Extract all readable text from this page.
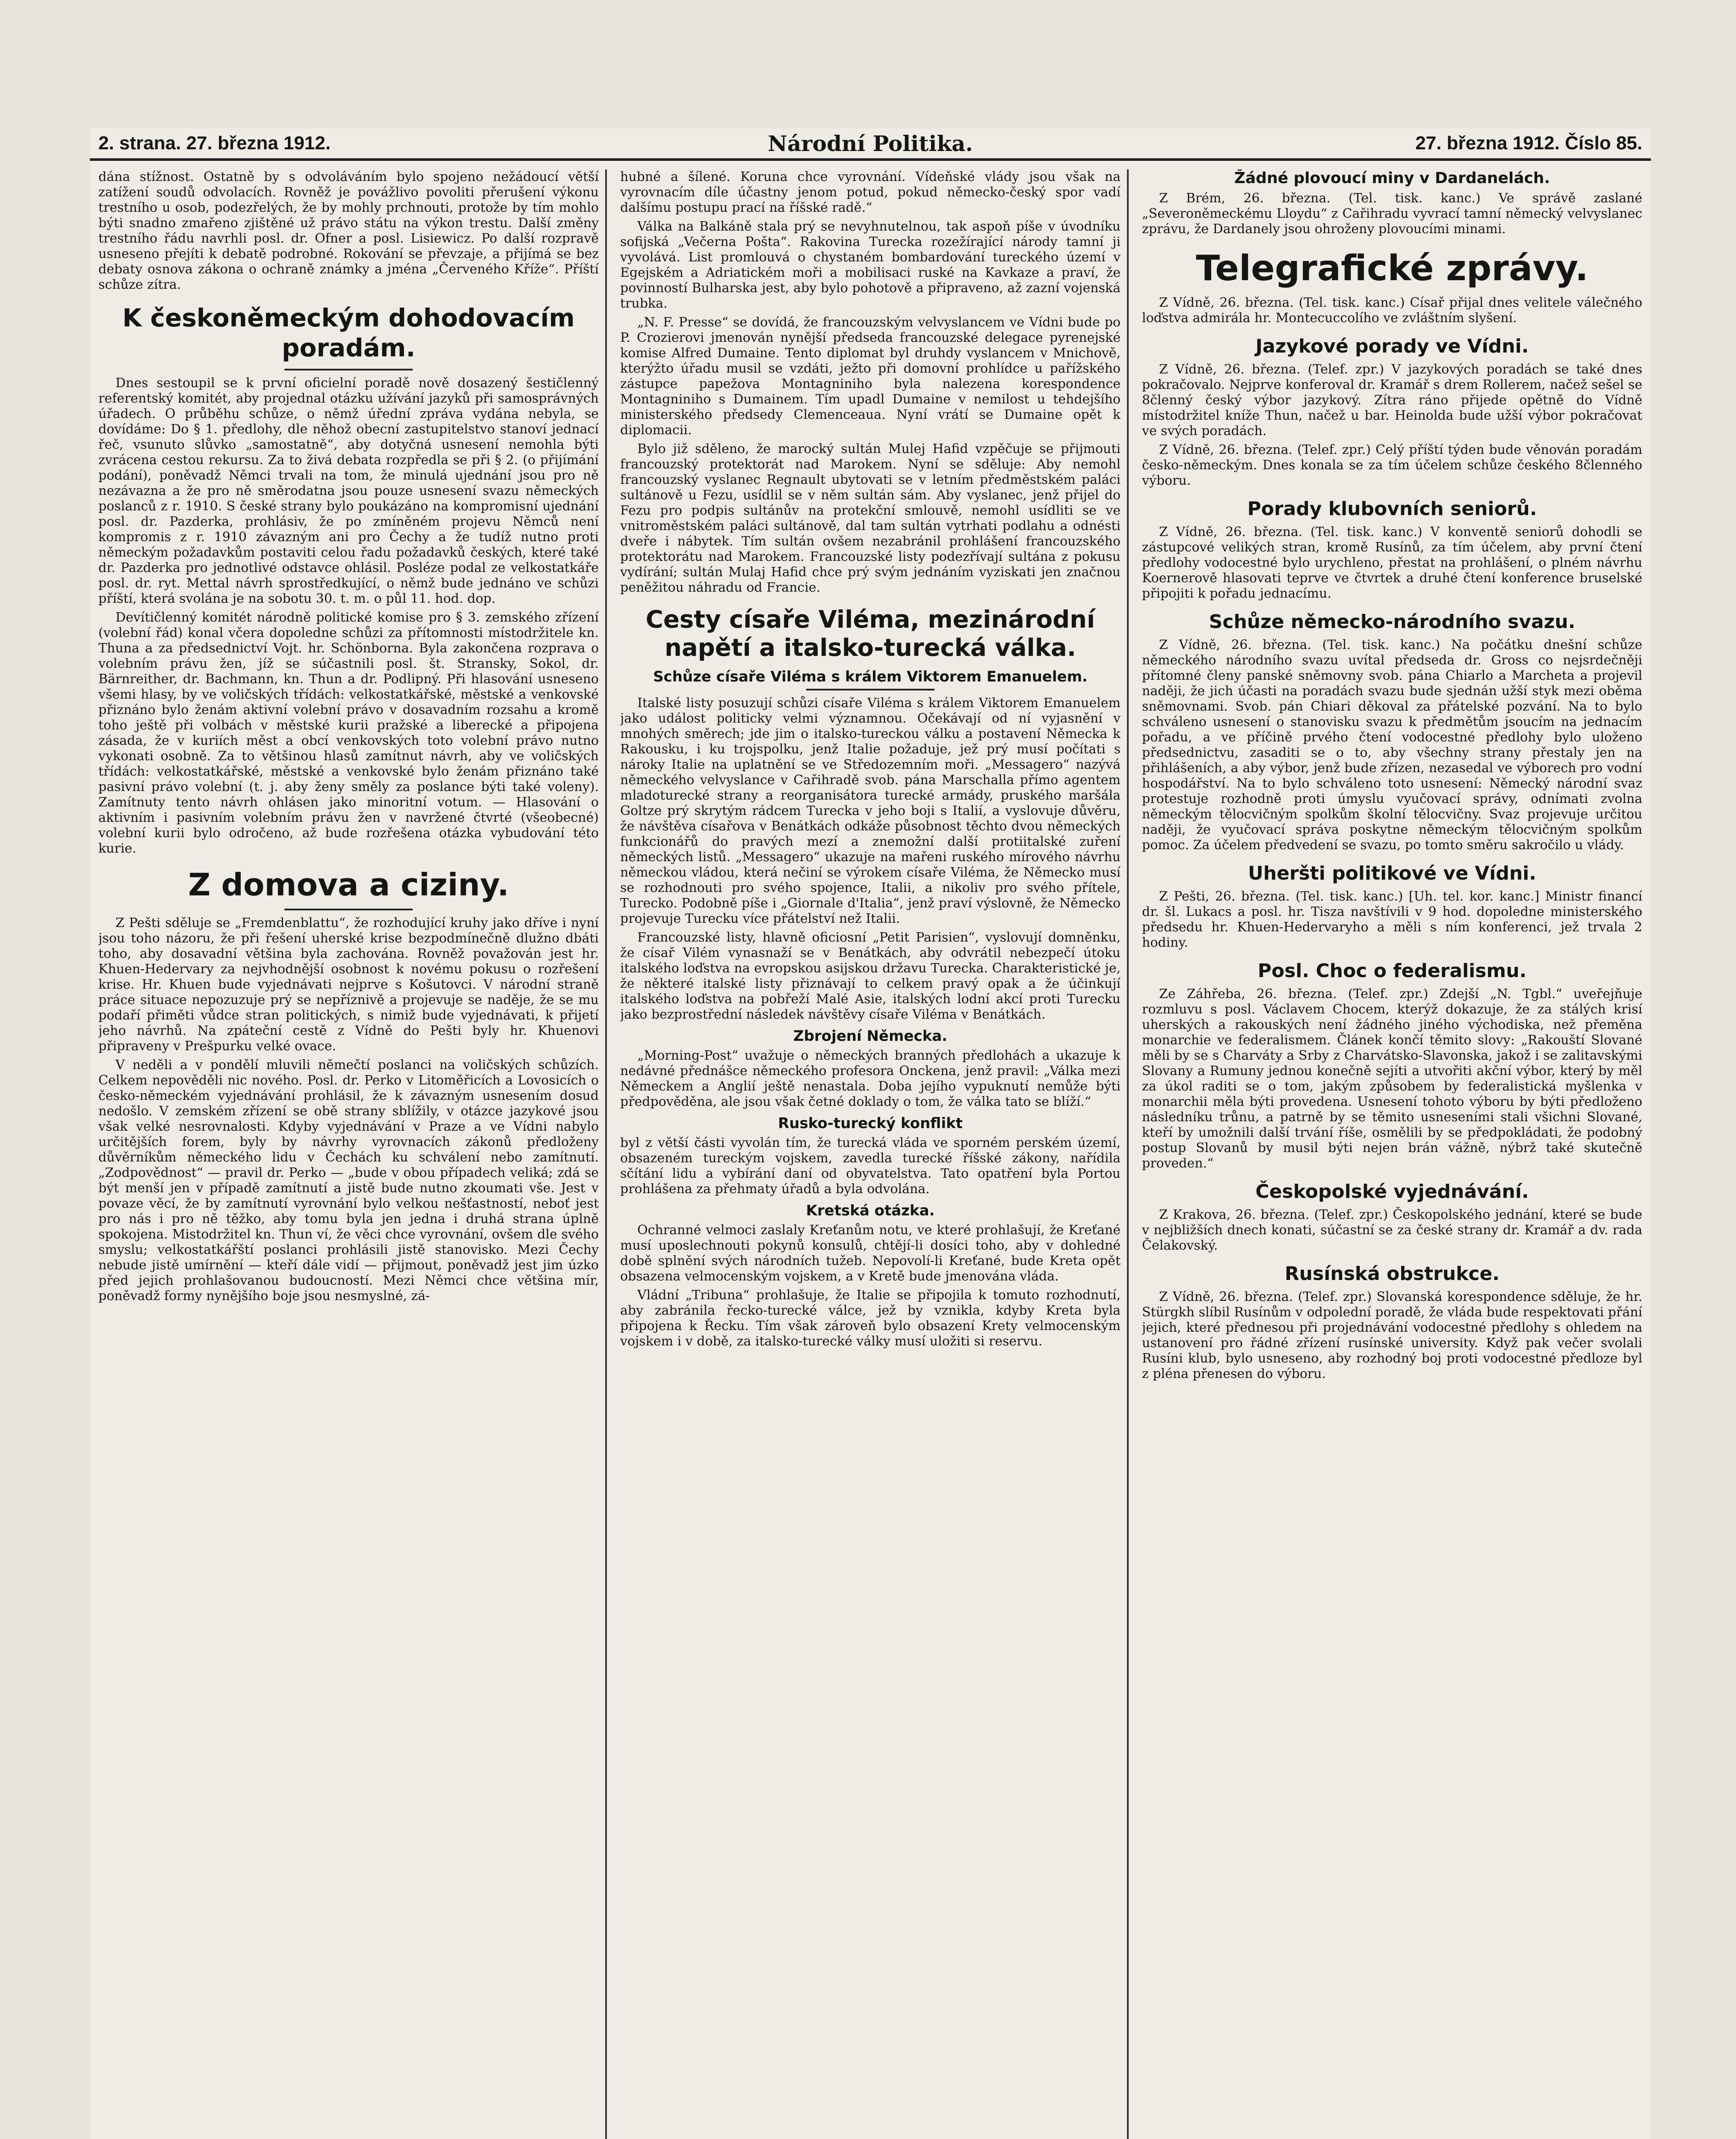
2. strana. 27. března 1912.	Národní Politika.	27. března 1912. Číslo 85.

dána stížnost. Ostatně by s odvoláváním bylo spojeno nežádoucí větší zatížení soudů odvolacích. Rovněž je povážlivo povoliti přerušení výkonu trestního u osob, podezřelých, že by mohly prchnouti, protože by tím mohlo býti snadno zmařeno zjištěné už právo státu na výkon trestu. Další změny trestního řádu navrhli posl. dr. Ofner a posl. Lisiewicz. Po další rozpravě usneseno přejíti k debatě podrobné. Rokování se převzaje, a přijímá se bez debaty osnova zákona o ochraně známky a jména „Červeného Kříže“. Příští schůze zítra.

K českoněmeckým dohodovacím poradám.

Dnes sestoupil se k první oficielní poradě nově dosazený šestičlenný referentský komitét, aby projednal otázku užívání jazyků při samosprávných úřadech. O průběhu schůze, o němž úřední zpráva vydána nebyla, se dovídáme: Do § 1. předlohy, dle něhož obecní zastupitelstvo stanoví jednací řeč, vsunuto slůvko „samostatně“, aby dotyčná usnesení nemohla býti zvrácena cestou rekursu. Za to živá debata rozpředla se při § 2. (o přijímání podání), poněvadž Němci trvali na tom, že minulá ujednání jsou pro ně nezávazna a že pro ně směrodatna jsou pouze usnesení svazu německých poslanců z r. 1910. S české strany bylo poukázáno na kompromisní ujednání posl. dr. Pazderka, prohlásiv, že po zmíněném projevu Němců není kompromis z r. 1910 závazným ani pro Čechy a že tudíž nutno proti německým požadavkům postaviti celou řadu požadavků českých, které také dr. Pazderka pro jednotlivé odstavce ohlásil. Posléze podal ze velkostatkáře posl. dr. ryt. Mettal návrh sprostředkující, o němž bude jednáno ve schůzi příští, která svolána je na sobotu 30. t. m. o půl 11. hod. dop.

Devítičlenný komitét národně politické komise pro § 3. zemského zřízení (volební řád) konal včera dopoledne schůzi za přítomnosti místodržitele kn. Thuna a za předsednictví Vojt. hr. Schönborna. Byla zakončena rozprava o volebním právu žen, jíž se súčastnili posl. št. Stransky, Sokol, dr. Bärnreither, dr. Bachmann, kn. Thun a dr. Podlipný. Při hlasování usneseno všemi hlasy, by ve voličských třídách: velkostatkářské, městské a venkovské přiznáno bylo ženám aktivní volební právo v dosavadním rozsahu a kromě toho ještě při volbách v městské kurii pražské a liberecké a připojena zásada, že v kuriích měst a obcí venkovských toto volební právo nutno vykonati osobně. Za to většinou hlasů zamítnut návrh, aby ve voličských třídách: velkostatkářské, městské a venkovské bylo ženám přiznáno také pasivní právo volební (t. j. aby ženy směly za poslance býti také voleny). Zamítnuty tento návrh ohlásen jako minoritní votum. — Hlasování o aktivním i pasivním volebním právu žen v navržené čtvrté (všeobecné) volební kurii bylo odročeno, až bude rozřešena otázka vybudování této kurie.

Z domova a ciziny.

Z Pešti sděluje se „Fremdenblattu“, že rozhodující kruhy jako dříve i nyní jsou toho názoru, že při řešení uherské krise bezpodmínečně dlužno dbáti toho, aby dosavadní většina byla zachována. Rovněž považován jest hr. Khuen-Hedervary za nejvhodnější osobnost k novému pokusu o rozřešení krise. Hr. Khuen bude vyjednávati nejprve s Košutovci. V národní straně práce situace nepozuzuje prý se nepříznivě a projevuje se naděje, že se mu podaří přiměti vůdce stran politických, s nimiž bude vyjednávati, k přijetí jeho návrhů. Na zpáteční cestě z Vídně do Pešti byly hr. Khuenovi připraveny v Prešpurku velké ovace.

V neděli a v pondělí mluvili němečtí poslanci na voličských schůzích. Celkem nepověděli nic nového. Posl. dr. Perko v Litoměřicích a Lovosicích o česko-německém vyjednávání prohlásil, že k závazným usnesením dosud nedošlo. V zemském zřízení se obě strany sblížily, v otázce jazykové jsou však velké nesrovnalosti. Kdyby vyjednávání v Praze a ve Vídni nabylo určitějších forem, byly by návrhy vyrovnacích zákonů předloženy důvěrníkům německého lidu v Čechách ku schválení nebo zamítnutí. „Zodpovědnost“ — pravil dr. Perko — „bude v obou případech veliká; zdá se být menší jen v případě zamítnutí a jistě bude nutno zkoumati vše. Jest v povaze věcí, že by zamítnutí vyrovnání bylo velkou nešťastností, neboť jest pro nás i pro ně těžko, aby tomu byla jen jedna i druhá strana úplně spokojena. Mistodržitel kn. Thun ví, že věci chce vyrovnání, ovšem dle svého smyslu; velkostatkářští poslanci prohlásili jistě stanovisko. Mezi Čechy nebude jistě umírnění — kteří dále vidí — přijmout, poněvadž jest jim úzko před jejich prohlašovanou budoucností. Mezi Němci chce většina mír, poněvadž formy nynějšího boje jsou nesmyslné, zá-

hubné a šílené. Koruna chce vyrovnání. Vídeňské vlády jsou však na vyrovnacím díle účastny jenom potud, pokud německo-český spor vadí dalšímu postupu prací na říšské radě.“

Válka na Balkáně stala prý se nevyhnutelnou, tak aspoň píše v úvodníku sofijská „Večerna Pošta“. Rakovina Turecka rozežírající národy tamní ji vyvolává. List promlouvá o chystaném bombardování tureckého území v Egejském a Adriatickém moři a mobilisaci ruské na Kavkaze a praví, že povinností Bulharska jest, aby bylo pohotově a připraveno, až zazní vojenská trubka.

„N. F. Presse“ se dovídá, že francouzským velvyslancem ve Vídni bude po P. Crozierovi jmenován nynější předseda francouzské delegace pyrenejské komise Alfred Dumaine. Tento diplomat byl druhdy vyslancem v Mnichově, kterýžto úřadu musil se vzdáti, ježto při domovní prohlídce u pařížského zástupce papežova Montagniniho byla nalezena korespondence Montagniniho s Dumainem. Tím upadl Dumaine v nemilost u tehdejšího ministerského předsedy Clemenceaua. Nyní vrátí se Dumaine opět k diplomacii.

Bylo již sděleno, že marocký sultán Mulej Hafid vzpěčuje se přijmouti francouzský protektorát nad Marokem. Nyní se sděluje: Aby nemohl francouzský vyslanec Regnault ubytovati se v letním předměstském paláci sultánově u Fezu, usídlil se v něm sultán sám. Aby vyslanec, jenž přijel do Fezu pro podpis sultánův na protekční smlouvě, nemohl usídliti se ve vnitroměstském paláci sultánově, dal tam sultán vytrhati podlahu a odnésti dveře i nábytek. Tím sultán ovšem nezabránil prohlášení francouzského protektorátu nad Marokem. Francouzské listy podezřívají sultána z pokusu vydírání; sultán Mulaj Hafid chce prý svým jednáním vyziskati jen značnou peněžitou náhradu od Francie.

Cesty císaře Viléma, mezinárodní napětí a italsko-turecká válka.
Schůze císaře Viléma s králem Viktorem Emanuelem.

Italské listy posuzují schůzi císaře Viléma s králem Viktorem Emanuelem jako událost politicky velmi významnou. Očekávají od ní vyjasnění v mnohých směrech; jde jim o italsko-tureckou válku a postavení Německa k Rakousku, i ku trojspolku, jenž Italie požaduje, jež prý musí počítati s nároky Italie na uplatnění se ve Středozemním moři. „Messagero“ nazývá německého velvyslance v Cařihradě svob. pána Marschalla přímo agentem mladoturecké strany a reorganisátora turecké armády, pruského maršála Goltze prý skrytým rádcem Turecka v jeho boji s Italií, a vyslovuje důvěru, že návštěva císařova v Benátkách odkáže působnost těchto dvou německých funkcionářů do pravých mezí a znemožní další protiitalské zuření německých listů. „Messagero“ ukazuje na mařeni ruského mírového návrhu německou vládou, která nečiní se výrokem císaře Viléma, že Německo musí se rozhodnouti pro svého spojence, Italii, a nikoliv pro svého přítele, Turecko. Podobně píše i „Giornale d'Italia“, jenž praví výslovně, že Německo projevuje Turecku více přátelství než Italii.

Francouzské listy, hlavně oficiosní „Petit Parisien“, vyslovují domněnku, že císař Vilém vynasnaží se v Benátkách, aby odvrátil nebezpečí útoku italského loďstva na evropskou asijskou državu Turecka. Charakteristické je, že některé italské listy přiznávají to celkem pravý opak a že účinkují italského loďstva na pobřeží Malé Asie, italských lodní akcí proti Turecku jako bezprostřední následek návštěvy císaře Viléma v Benátkách.

Zbrojení Německa.

„Morning-Post“ uvažuje o německých branných předlohách a ukazuje k nedávné přednášce německého profesora Onckena, jenž pravil: „Válka mezi Německem a Anglií ještě nenastala. Doba jejího vypuknutí nemůže býti předpověděna, ale jsou však četné doklady o tom, že válka tato se blíží.“

Rusko-turecký konflikt

byl z větší části vyvolán tím, že turecká vláda ve sporném perském území, obsazeném tureckým vojskem, zavedla turecké říšské zákony, nařídila sčítání lidu a vybírání daní od obyvatelstva. Tato opatření byla Portou prohlášena za přehmaty úřadů a byla odvolána.

Kretská otázka.

Ochranné velmoci zaslaly Kreťanům notu, ve které prohlašují, že Kreťané musí uposlechnouti pokynů konsulů, chtějí-li dosíci toho, aby v dohledné době splnění svých národních tužeb. Nepovolí-li Kreťané, bude Kreta opět obsazena velmocenským vojskem, a v Kretě bude jmenována vláda.

Vládní „Tribuna“ prohlašuje, že Italie se připojila k tomuto rozhodnutí, aby zabránila řecko-turecké válce, jež by vznikla, kdyby Kreta byla připojena k Řecku. Tím však zároveň bylo obsazení Krety velmocenským vojskem i v době, za italsko-turecké války musí uložiti si reservu.

Žádné plovoucí miny v Dardanelách.

Z Brém, 26. března. (Tel. tisk. kanc.) Ve správě zaslané „Severoněmeckému Lloydu“ z Cařihradu vyvrací tamní německý velvyslanec zprávu, že Dardanely jsou ohroženy plovoucími minami.

Telegrafické zprávy.

Z Vídně, 26. března. (Tel. tisk. kanc.) Císař přijal dnes velitele válečného loďstva admirála hr. Montecuccolího ve zvláštním slyšení.

Jazykové porady ve Vídni.

Z Vídně, 26. března. (Telef. zpr.) V jazykových poradách se také dnes pokračovalo. Nejprve konferoval dr. Kramář s drem Rollerem, načež sešel se 8členný český výbor jazykový. Zítra ráno přijede opětně do Vídně místodržitel kníže Thun, načež u bar. Heinolda bude užší výbor pokračovat ve svých poradách.

Z Vídně, 26. března. (Telef. zpr.) Celý příští týden bude věnován poradám česko-německým. Dnes konala se za tím účelem schůze českého 8členného výboru.

Porady klubovních seniorů.

Z Vídně, 26. března. (Tel. tisk. kanc.) V konventě seniorů dohodli se zástupcové velikých stran, kromě Rusínů, za tím účelem, aby první čtení předlohy vodocestné bylo urychleno, přestat na prohlášení, o plném návrhu Koernerově hlasovati teprve ve čtvrtek a druhé čtení konference bruselské připojiti k pořadu jednacímu.

Schůze německo-národního svazu.

Z Vídně, 26. března. (Tel. tisk. kanc.) Na počátku dnešní schůze německého národního svazu uvítal předseda dr. Gross co nejsrdečněji přítomné členy panské sněmovny svob. pána Chiarlo a Marcheta a projevil naději, že jich účasti na poradách svazu bude sjednán užší styk mezi oběma sněmovnami. Svob. pán Chiari děkoval za přátelské pozvání. Na to bylo schváleno usnesení o stanovisku svazu k předmětům jsoucím na jednacím pořadu, a ve příčině prvého čtení vodocestné předlohy bylo uloženo předsednictvu, zasaditi se o to, aby všechny strany přestaly jen na přihlášeních, a aby výbor, jenž bude zřízen, nezasedal ve výborech pro vodní hospodářství. Na to bylo schváleno toto usnesení: Německý národní svaz protestuje rozhodně proti úmyslu vyučovací správy, odnímati zvolna německým tělocvičným spolkům školní tělocvičny. Svaz projevuje určitou naději, že vyučovací správa poskytne německým tělocvičným spolkům pomoc. Za účelem předvedení se svazu, po tomto směru sakročilo u vlády.

Uheršti politikové ve Vídni.

Z Pešti, 26. března. (Tel. tisk. kanc.) [Uh. tel. kor. kanc.] Ministr financí dr. šl. Lukacs a posl. hr. Tisza navštívili v 9 hod. dopoledne ministerského předsedu hr. Khuen-Hedervaryho a měli s ním konferenci, jež trvala 2 hodiny.

Posl. Choc o federalismu.

Ze Záhřeba, 26. března. (Telef. zpr.) Zdejší „N. Tgbl.“ uveřejňuje rozmluvu s posl. Václavem Chocem, kterýž dokazuje, že za stálých krisí uherských a rakouských není žádného jiného východiska, než přeměna monarchie ve federalismem. Článek končí těmito slovy: „Rakouští Slované měli by se s Charváty a Srby z Charvátsko-Slavonska, jakož i se zalitavskými Slovany a Rumuny jednou konečně sejíti a utvořiti akční výbor, který by měl za úkol raditi se o tom, jakým způsobem by federalistická myšlenka v monarchii měla býti provedena. Usnesení tohoto výboru by býti předloženo následníku trůnu, a patrně by se těmito usneseními stali všichni Slované, kteří by umožnili další trvání říše, osmělili by se předpokládati, že podobný postup Slovanů by musil býti nejen brán vážně, nýbrž také skutečně proveden.“

Českopolské vyjednávání.

Z Krakova, 26. března. (Telef. zpr.) Českopolského jednání, které se bude v nejbližších dnech konati, súčastní se za české strany dr. Kramář a dv. rada Čelakovský.

Rusínská obstrukce.

Z Vídně, 26. března. (Telef. zpr.) Slovanská korespondence sděluje, že hr. Stürgkh slíbil Rusínům v odpolední poradě, že vláda bude respektovati přání jejich, které přednesou při projednávání vodocestné předlohy s ohledem na ustanovení pro řádné zřízení rusínské university. Když pak večer svolali Rusíni klub, bylo usneseno, aby rozhodný boj proti vodocestné předloze byl z pléna přenesen do výboru.
